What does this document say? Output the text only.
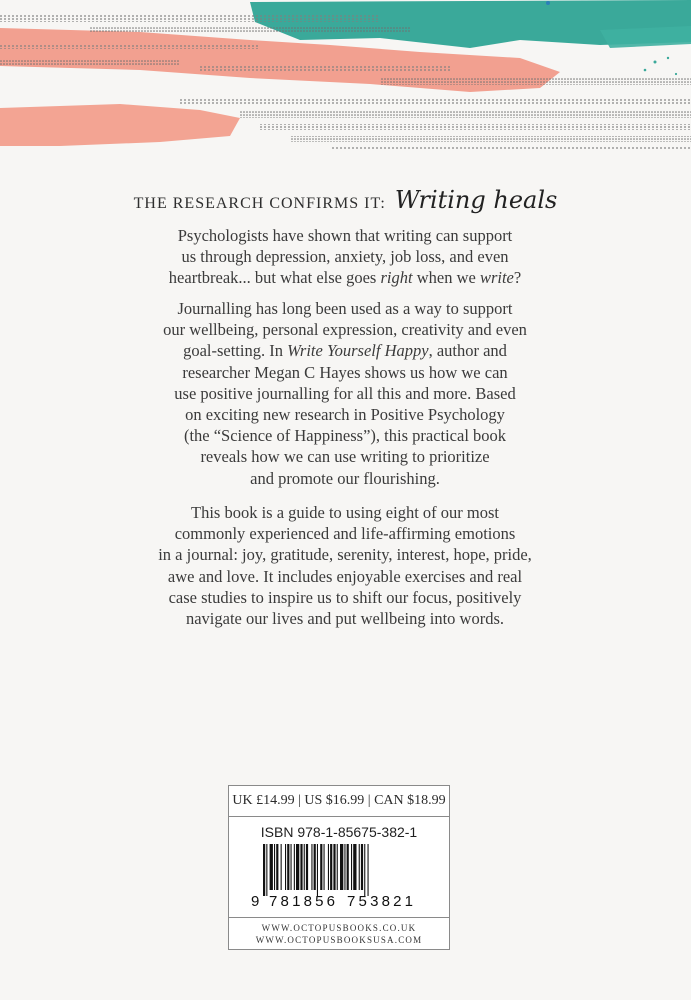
THE RESEARCH CONFIRMS IT: Writing heals

Psychologists have shown that writing can support
us through depression, anxiety, job loss, and even
heartbreak... but what else goes right when we write?

Journalling has long been used as a way to support
our wellbeing, personal expression, creativity and even
goal-setting. In Write Yourself Happy, author and
researcher Megan C Hayes shows us how we can
use positive journalling for all this and more. Based
on exciting new research in Positive Psychology
(the “Science of Happiness”), this practical book
reveals how we can use writing to prioritize
and promote our flourishing.

This book is a guide to using eight of our most
commonly experienced and life-affirming emotions
in a journal: joy, gratitude, serenity, interest, hope, pride,
awe and love. It includes enjoyable exercises and real
case studies to inspire us to shift our focus, positively
navigate our lives and put wellbeing into words.

UK £14.99 | US $16.99 | CAN $18.99
ISBN 978-1-85675-382-1
9 781856 753821
WWW.OCTOPUSBOOKS.CO.UK
WWW.OCTOPUSBOOKSUSA.COM
